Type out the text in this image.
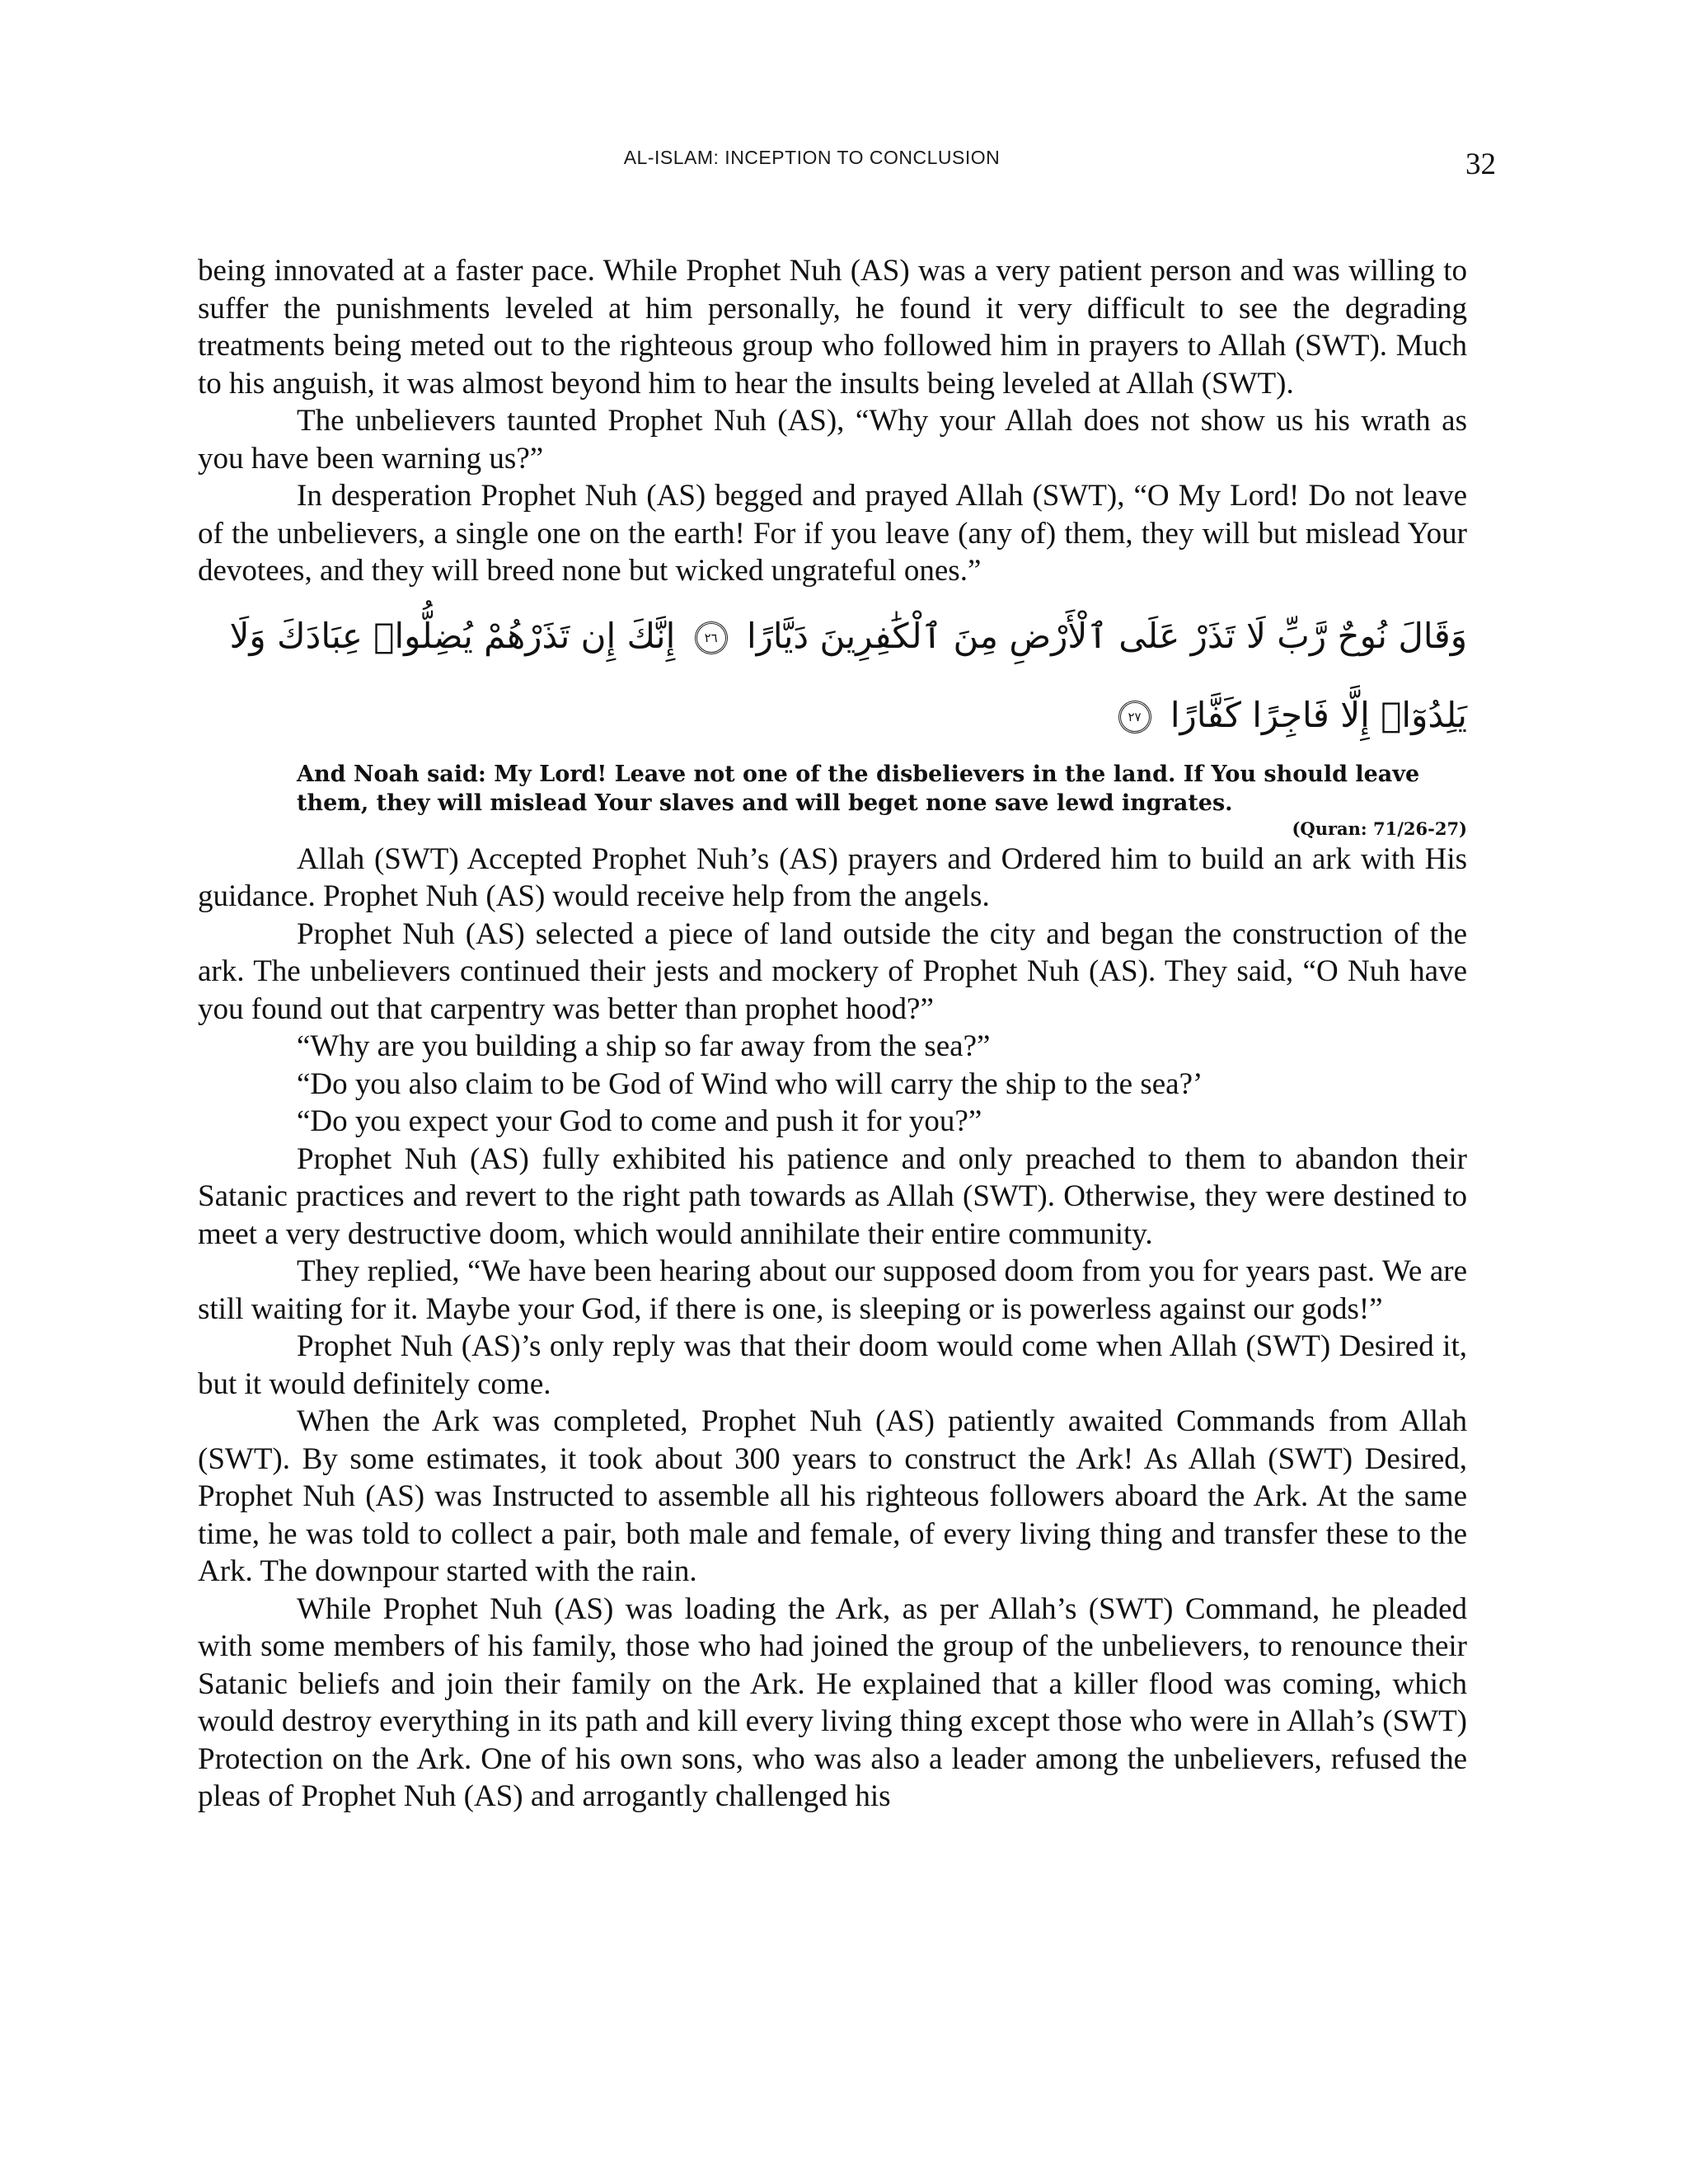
AL-ISLAM: INCEPTION TO CONCLUSION	32

being innovated at a faster pace. While Prophet Nuh (AS) was a very patient person and was willing to suffer the punishments leveled at him personally, he found it very difficult to see the degrading treatments being meted out to the righteous group who followed him in prayers to Allah (SWT). Much to his anguish, it was almost beyond him to hear the insults being leveled at Allah (SWT).

The unbelievers taunted Prophet Nuh (AS), “Why your Allah does not show us his wrath as you have been warning us?”

In desperation Prophet Nuh (AS) begged and prayed Allah (SWT), “O My Lord! Do not leave of the unbelievers, a single one on the earth! For if you leave (any of) them, they will but mislead Your devotees, and they will breed none but wicked ungrateful ones.”

وَقَالَ نُوحٌ رَّبِّ لَا تَذَرْ عَلَى ٱلْأَرْضِ مِنَ ٱلْكَٰفِرِينَ دَيَّارًا ٢٦ إِنَّكَ إِن تَذَرْهُمْ يُضِلُّوا۟ عِبَادَكَ وَلَا يَلِدُوٓا۟ إِلَّا فَاجِرًا كَفَّارًا ٢٧

And Noah said: My Lord! Leave not one of the disbelievers in the land. If You should leave them, they will mislead Your slaves and will beget none save lewd ingrates.

(Quran: 71/26-27)

Allah (SWT) Accepted Prophet Nuh’s (AS) prayers and Ordered him to build an ark with His guidance. Prophet Nuh (AS) would receive help from the angels.

Prophet Nuh (AS) selected a piece of land outside the city and began the construction of the ark. The unbelievers continued their jests and mockery of Prophet Nuh (AS). They said, “O Nuh have you found out that carpentry was better than prophet hood?”

“Why are you building a ship so far away from the sea?”

“Do you also claim to be God of Wind who will carry the ship to the sea?’

“Do you expect your God to come and push it for you?”

Prophet Nuh (AS) fully exhibited his patience and only preached to them to abandon their Satanic practices and revert to the right path towards as Allah (SWT). Otherwise, they were destined to meet a very destructive doom, which would annihilate their entire community.

They replied, “We have been hearing about our supposed doom from you for years past. We are still waiting for it. Maybe your God, if there is one, is sleeping or is powerless against our gods!”

Prophet Nuh (AS)’s only reply was that their doom would come when Allah (SWT) Desired it, but it would definitely come.

When the Ark was completed, Prophet Nuh (AS) patiently awaited Commands from Allah (SWT). By some estimates, it took about 300 years to construct the Ark! As Allah (SWT) Desired, Prophet Nuh (AS) was Instructed to assemble all his righteous followers aboard the Ark. At the same time, he was told to collect a pair, both male and female, of every living thing and transfer these to the Ark. The downpour started with the rain.

While Prophet Nuh (AS) was loading the Ark, as per Allah’s (SWT) Command, he pleaded with some members of his family, those who had joined the group of the unbelievers, to renounce their Satanic beliefs and join their family on the Ark. He explained that a killer flood was coming, which would destroy everything in its path and kill every living thing except those who were in Allah’s (SWT) Protection on the Ark. One of his own sons, who was also a leader among the unbelievers, refused the pleas of Prophet Nuh (AS) and arrogantly challenged his
